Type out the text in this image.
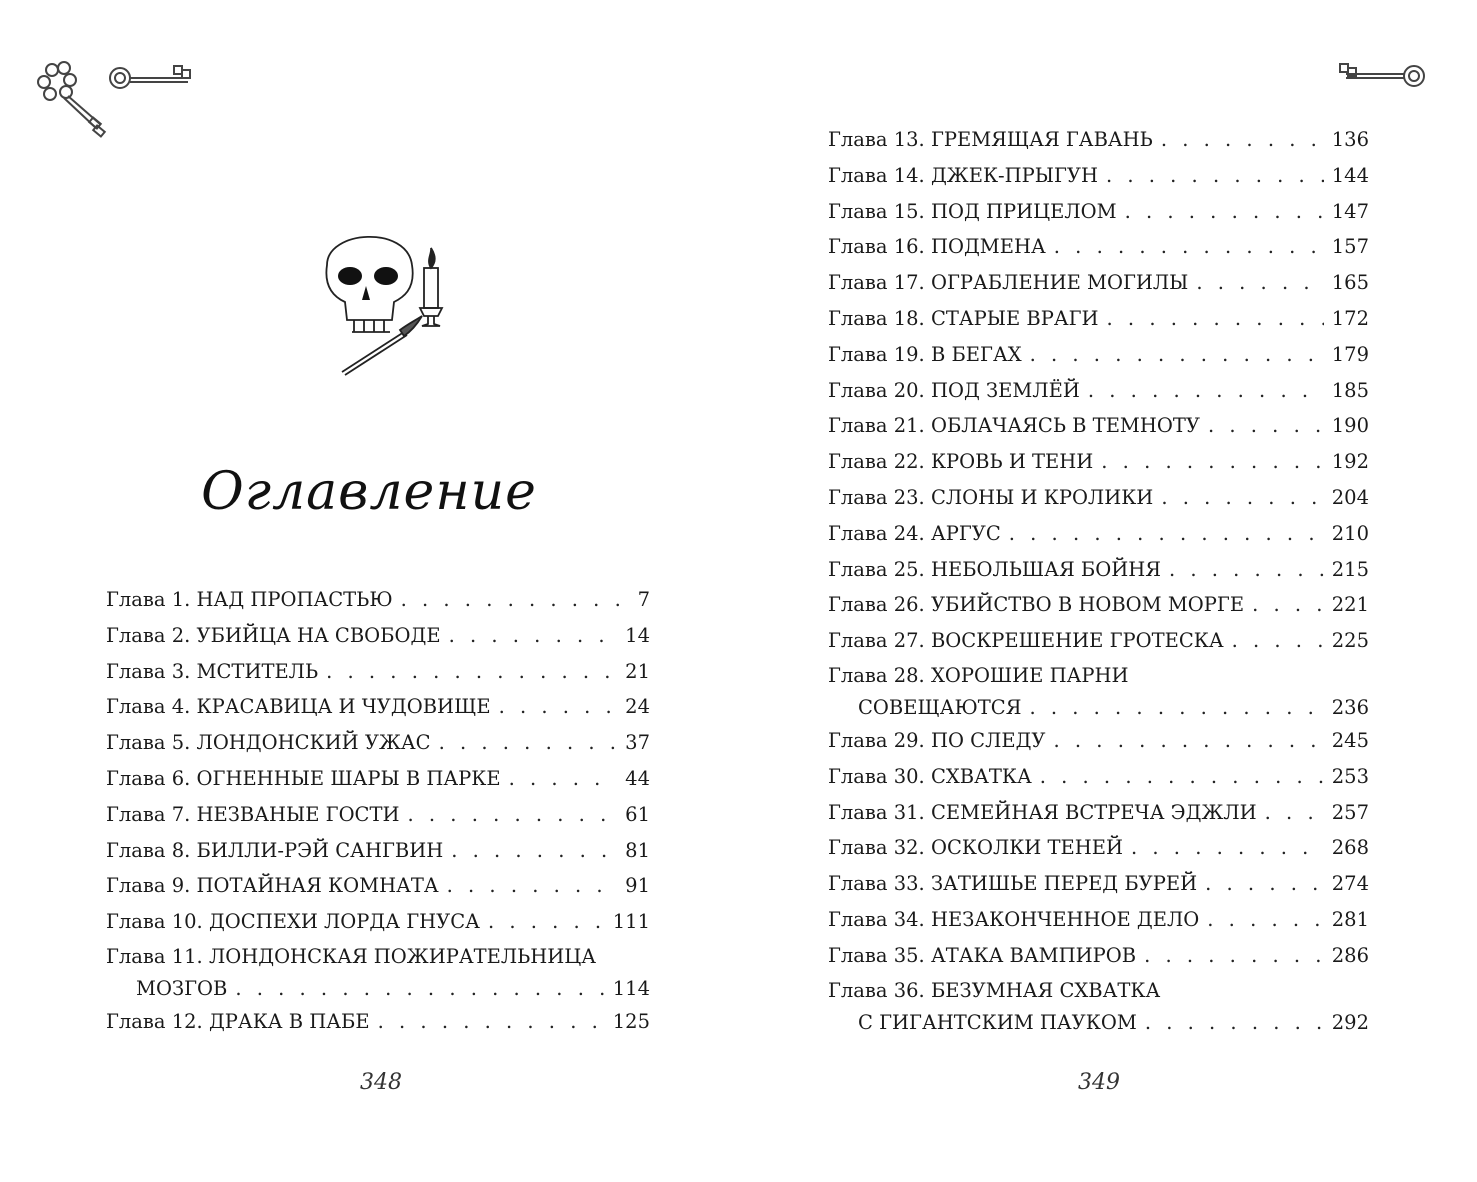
Оглавление
Глава 1. НАД ПРОПАСТЬЮ . . .	7
Глава 2. УБИЙЦА НА СВОБОДЕ . . .	14
Глава 3. МСТИТЕЛЬ . . .	21
Глава 4. КРАСАВИЦА И ЧУДОВИЩЕ . . .	24
Глава 5. ЛОНДОНСКИЙ УЖАС . . .	37
Глава 6. ОГНЕННЫЕ ШАРЫ В ПАРКЕ . . .	44
Глава 7. НЕЗВАНЫЕ ГОСТИ . . .	61
Глава 8. БИЛЛИ-РЭЙ САНГВИН . . .	81
Глава 9. ПОТАЙНАЯ КОМНАТА . . .	91
Глава 10. ДОСПЕХИ ЛОРДА ГНУСА . . .	111
Глава 11. ЛОНДОНСКАЯ ПОЖИРАТЕЛЬНИЦА
МОЗГОВ . . .	114
Глава 12. ДРАКА В ПАБЕ . . .	125
348
Глава 13. ГРЕМЯЩАЯ ГАВАНЬ . . .	136
Глава 14. ДЖЕК-ПРЫГУН . . .	144
Глава 15. ПОД ПРИЦЕЛОМ . . .	147
Глава 16. ПОДМЕНА . . .	157
Глава 17. ОГРАБЛЕНИЕ МОГИЛЫ . . .	165
Глава 18. СТАРЫЕ ВРАГИ . . .	172
Глава 19. В БЕГАХ . . .	179
Глава 20. ПОД ЗЕМЛЁЙ . . .	185
Глава 21. ОБЛАЧАЯСЬ В ТЕМНОТУ . . .	190
Глава 22. КРОВЬ И ТЕНИ . . .	192
Глава 23. СЛОНЫ И КРОЛИКИ . . .	204
Глава 24. АРГУС . . .	210
Глава 25. НЕБОЛЬШАЯ БОЙНЯ . . .	215
Глава 26. УБИЙСТВО В НОВОМ МОРГЕ . . .	221
Глава 27. ВОСКРЕШЕНИЕ ГРОТЕСКА . . .	225
Глава 28. ХОРОШИЕ ПАРНИ
СОВЕЩАЮТСЯ . . .	236
Глава 29. ПО СЛЕДУ . . .	245
Глава 30. СХВАТКА . . .	253
Глава 31. СЕМЕЙНАЯ ВСТРЕЧА ЭДЖЛИ . . .	257
Глава 32. ОСКОЛКИ ТЕНЕЙ . . .	268
Глава 33. ЗАТИШЬЕ ПЕРЕД БУРЕЙ . . .	274
Глава 34. НЕЗАКОНЧЕННОЕ ДЕЛО . . .	281
Глава 35. АТАКА ВАМПИРОВ . . .	286
Глава 36. БЕЗУМНАЯ СХВАТКА
С ГИГАНТСКИМ ПАУКОМ . . .	292
349
